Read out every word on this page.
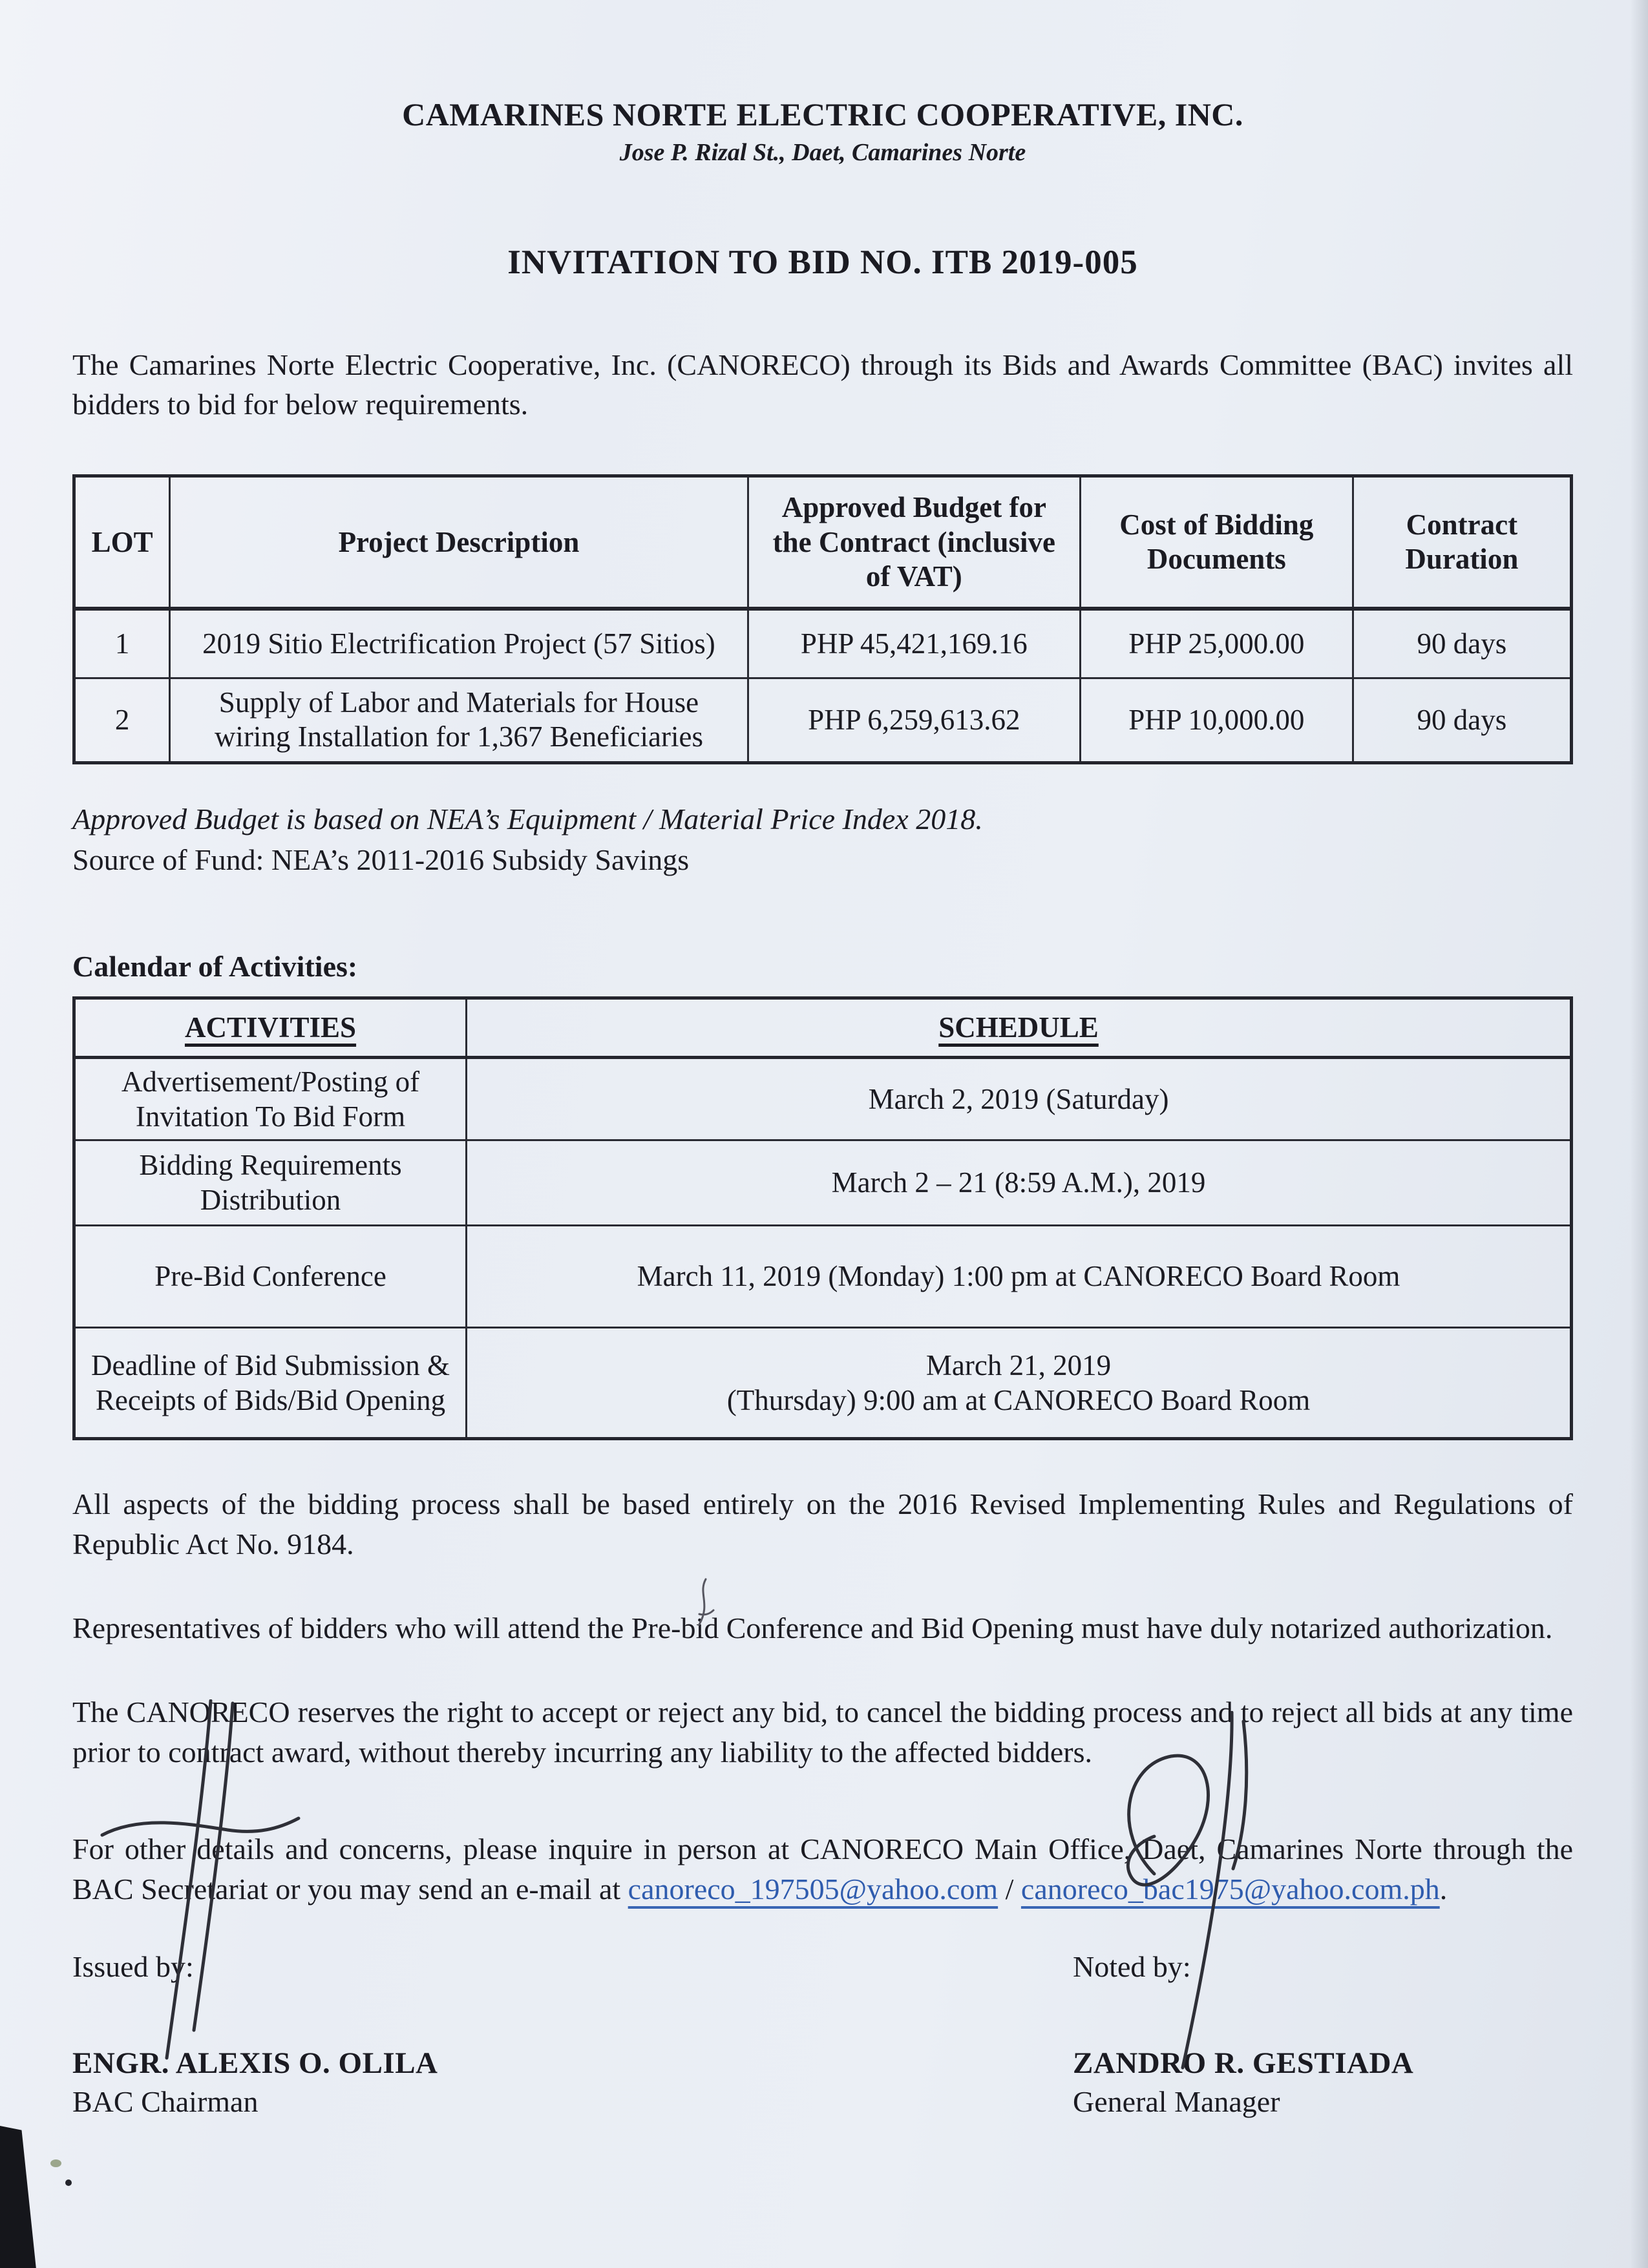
CAMARINES NORTE ELECTRIC COOPERATIVE, INC.
Jose P. Rizal St., Daet, Camarines Norte
INVITATION TO BID NO. ITB 2019-005

The Camarines Norte Electric Cooperative, Inc. (CANORECO) through its Bids and Awards Committee (BAC) invites all bidders to bid for below requirements.

LOT	Project Description	Approved Budget for the Contract (inclusive of VAT)	Cost of Bidding Documents	Contract Duration
1	2019 Sitio Electrification Project (57 Sitios)	PHP 45,421,169.16	PHP 25,000.00	90 days
2	Supply of Labor and Materials for House wiring Installation for 1,367 Beneficiaries	PHP 6,259,613.62	PHP 10,000.00	90 days
Approved Budget is based on NEA’s Equipment / Material Price Index 2018.
Source of Fund: NEA’s 2011-2016 Subsidy Savings
Calendar of Activities:
ACTIVITIES	SCHEDULE
Advertisement/Posting of Invitation To Bid Form	March 2, 2019 (Saturday)
Bidding Requirements Distribution	March 2 – 21 (8:59 A.M.), 2019
Pre-Bid Conference	March 11, 2019 (Monday) 1:00 pm at CANORECO Board Room
Deadline of Bid Submission & Receipts of Bids/Bid Opening	March 21, 2019
(Thursday) 9:00 am at CANORECO Board Room

All aspects of the bidding process shall be based entirely on the 2016 Revised Implementing Rules and Regulations of Republic Act No. 9184.

Representatives of bidders who will attend the Pre-bid Conference and Bid Opening must have duly notarized authorization.

The CANORECO reserves the right to accept or reject any bid, to cancel the bidding process and to reject all bids at any time prior to contract award, without thereby incurring any liability to the affected bidders.

For other details and concerns, please inquire in person at CANORECO Main Office, Daet, Camarines Norte through the BAC Secretariat or you may send an e-mail at canoreco_197505@yahoo.com / canoreco_bac1975@yahoo.com.ph.

Issued by:
ENGR. ALEXIS O. OLILA
BAC Chairman
Noted by:
ZANDRO R. GESTIADA
General Manager
